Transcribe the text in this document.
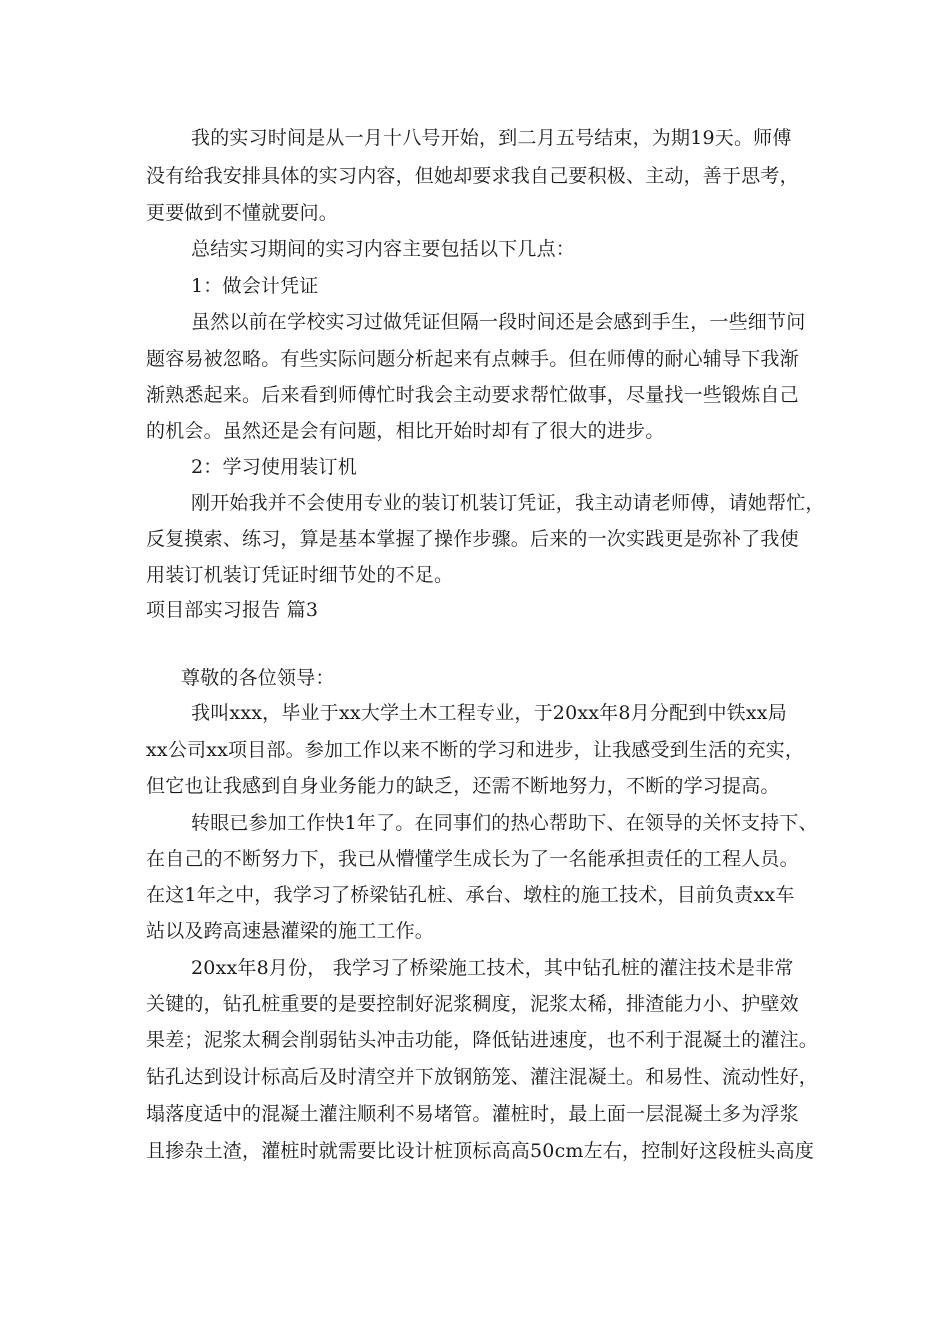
我的实习时间是从一月十八号开始，到二月五号结束，为期19天。师傅
没有给我安排具体的实习内容，但她却要求我自己要积极、主动，善于思考，
更要做到不懂就要问。
总结实习期间的实习内容主要包括以下几点：
1：做会计凭证
虽然以前在学校实习过做凭证但隔一段时间还是会感到手生，一些细节问
题容易被忽略。有些实际问题分析起来有点棘手。但在师傅的耐心辅导下我渐
渐熟悉起来。后来看到师傅忙时我会主动要求帮忙做事，尽量找一些锻炼自己
的机会。虽然还是会有问题，相比开始时却有了很大的进步。
2：学习使用装订机
刚开始我并不会使用专业的装订机装订凭证，我主动请老师傅，请她帮忙，
反复摸索、练习，算是基本掌握了操作步骤。后来的一次实践更是弥补了我使
用装订机装订凭证时细节处的不足。
项目部实习报告 篇3
尊敬的各位领导：
我叫xxx，毕业于xx大学土木工程专业，于20xx年8月分配到中铁xx局
xx公司xx项目部。参加工作以来不断的学习和进步，让我感受到生活的充实，
但它也让我感到自身业务能力的缺乏，还需不断地努力，不断的学习提高。
转眼已参加工作快1年了。在同事们的热心帮助下、在领导的关怀支持下、
在自己的不断努力下，我已从懵懂学生成长为了一名能承担责任的工程人员。
在这1年之中，我学习了桥梁钻孔桩、承台、墩柱的施工技术，目前负责xx车
站以及跨高速悬灌梁的施工工作。
20xx年8月份， 我学习了桥梁施工技术，其中钻孔桩的灌注技术是非常
关键的，钻孔桩重要的是要控制好泥浆稠度，泥浆太稀，排渣能力小、护壁效
果差；泥浆太稠会削弱钻头冲击功能，降低钻进速度，也不利于混凝土的灌注。
钻孔达到设计标高后及时清空并下放钢筋笼、灌注混凝土。和易性、流动性好，
塌落度适中的混凝土灌注顺利不易堵管。灌桩时，最上面一层混凝土多为浮浆
且掺杂土渣，灌桩时就需要比设计桩顶标高高50cm左右，控制好这段桩头高度
